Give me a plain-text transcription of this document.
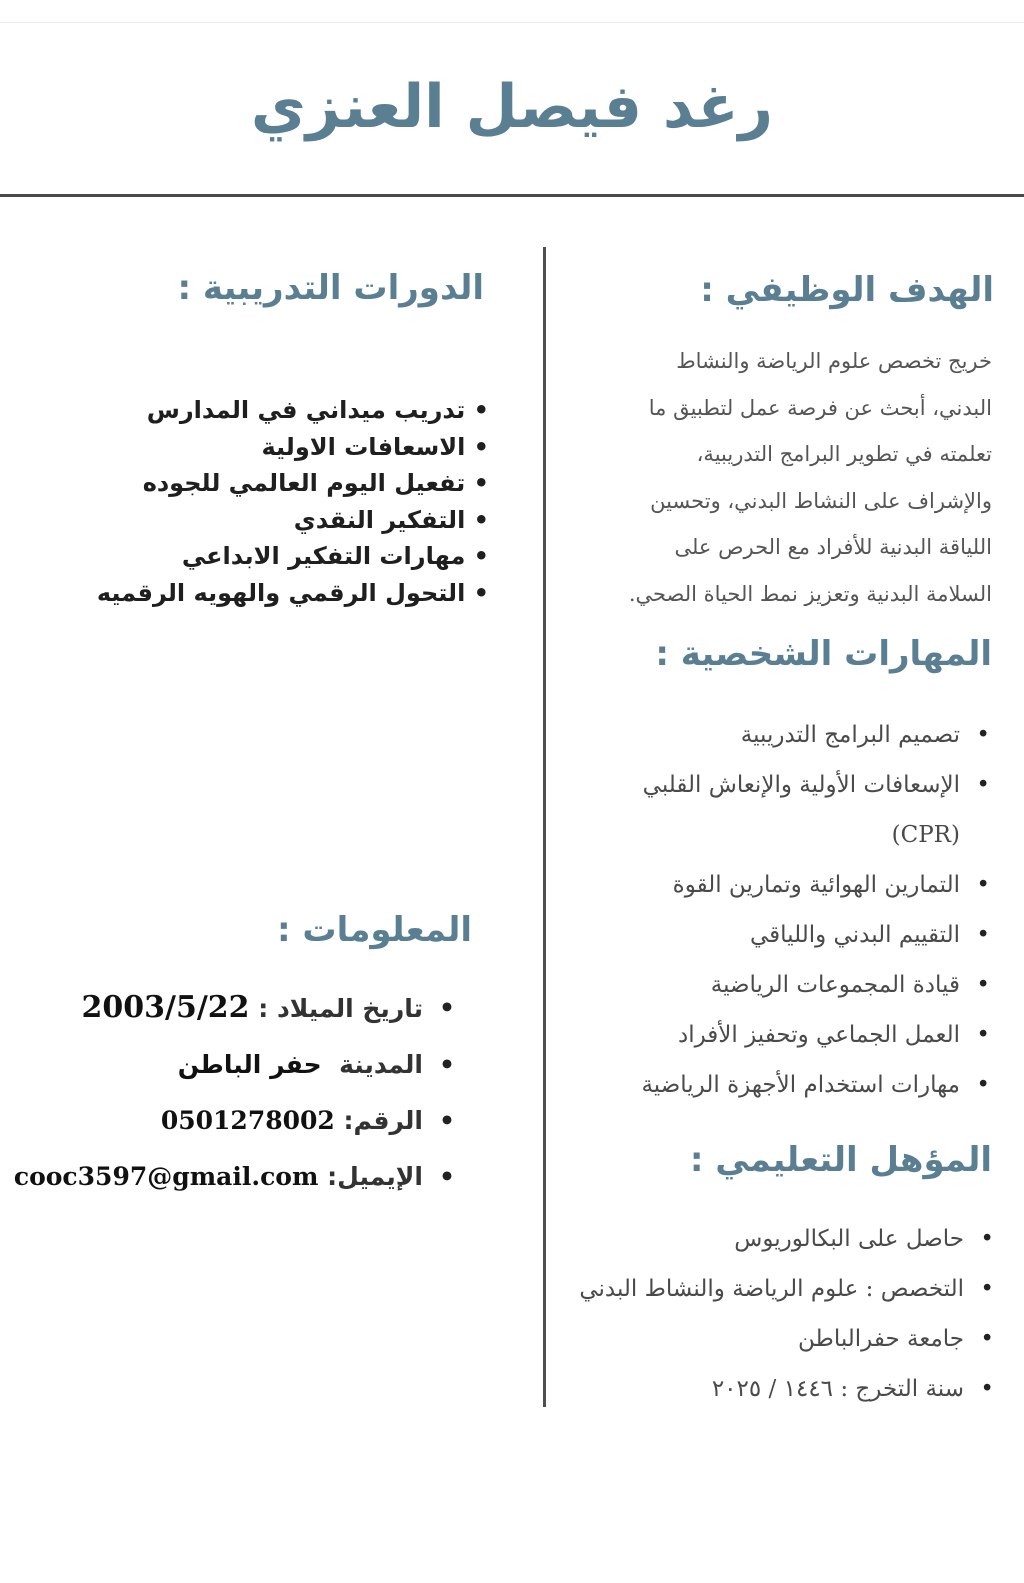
رغد فيصل العنزي
الهدف الوظيفي :
خريج تخصص علوم الرياضة والنشاط
البدني، أبحث عن فرصة عمل لتطبيق ما
تعلمته في تطوير البرامج التدريبية،
والإشراف على النشاط البدني، وتحسين
اللياقة البدنية للأفراد مع الحرص على
السلامة البدنية وتعزيز نمط الحياة الصحي.
المهارات الشخصية :
• تصميم البرامج التدريبية
• الإسعافات الأولية والإنعاش القلبي (CPR)
• التمارين الهوائية وتمارين القوة
• التقييم البدني واللياقي
• قيادة المجموعات الرياضية
• العمل الجماعي وتحفيز الأفراد
• مهارات استخدام الأجهزة الرياضية
المؤهل التعليمي :
• حاصل على البكالوريوس
• التخصص : علوم الرياضة والنشاط البدني
• جامعة حفرالباطن
• سنة التخرج : ١٤٤٦ / ٢٠٢٥
الدورات التدريبية :
• تدريب ميداني في المدارس
• الاسعافات الاولية
• تفعيل اليوم العالمي للجوده
• التفكير النقدي
• مهارات التفكير الابداعي
• التحول الرقمي والهويه الرقميه
المعلومات :
• تاريخ الميلاد : 2003/5/22
• المدينة  حفر الباطن
• الرقم: 0501278002
• الإيميل: cooc3597@gmail.com
